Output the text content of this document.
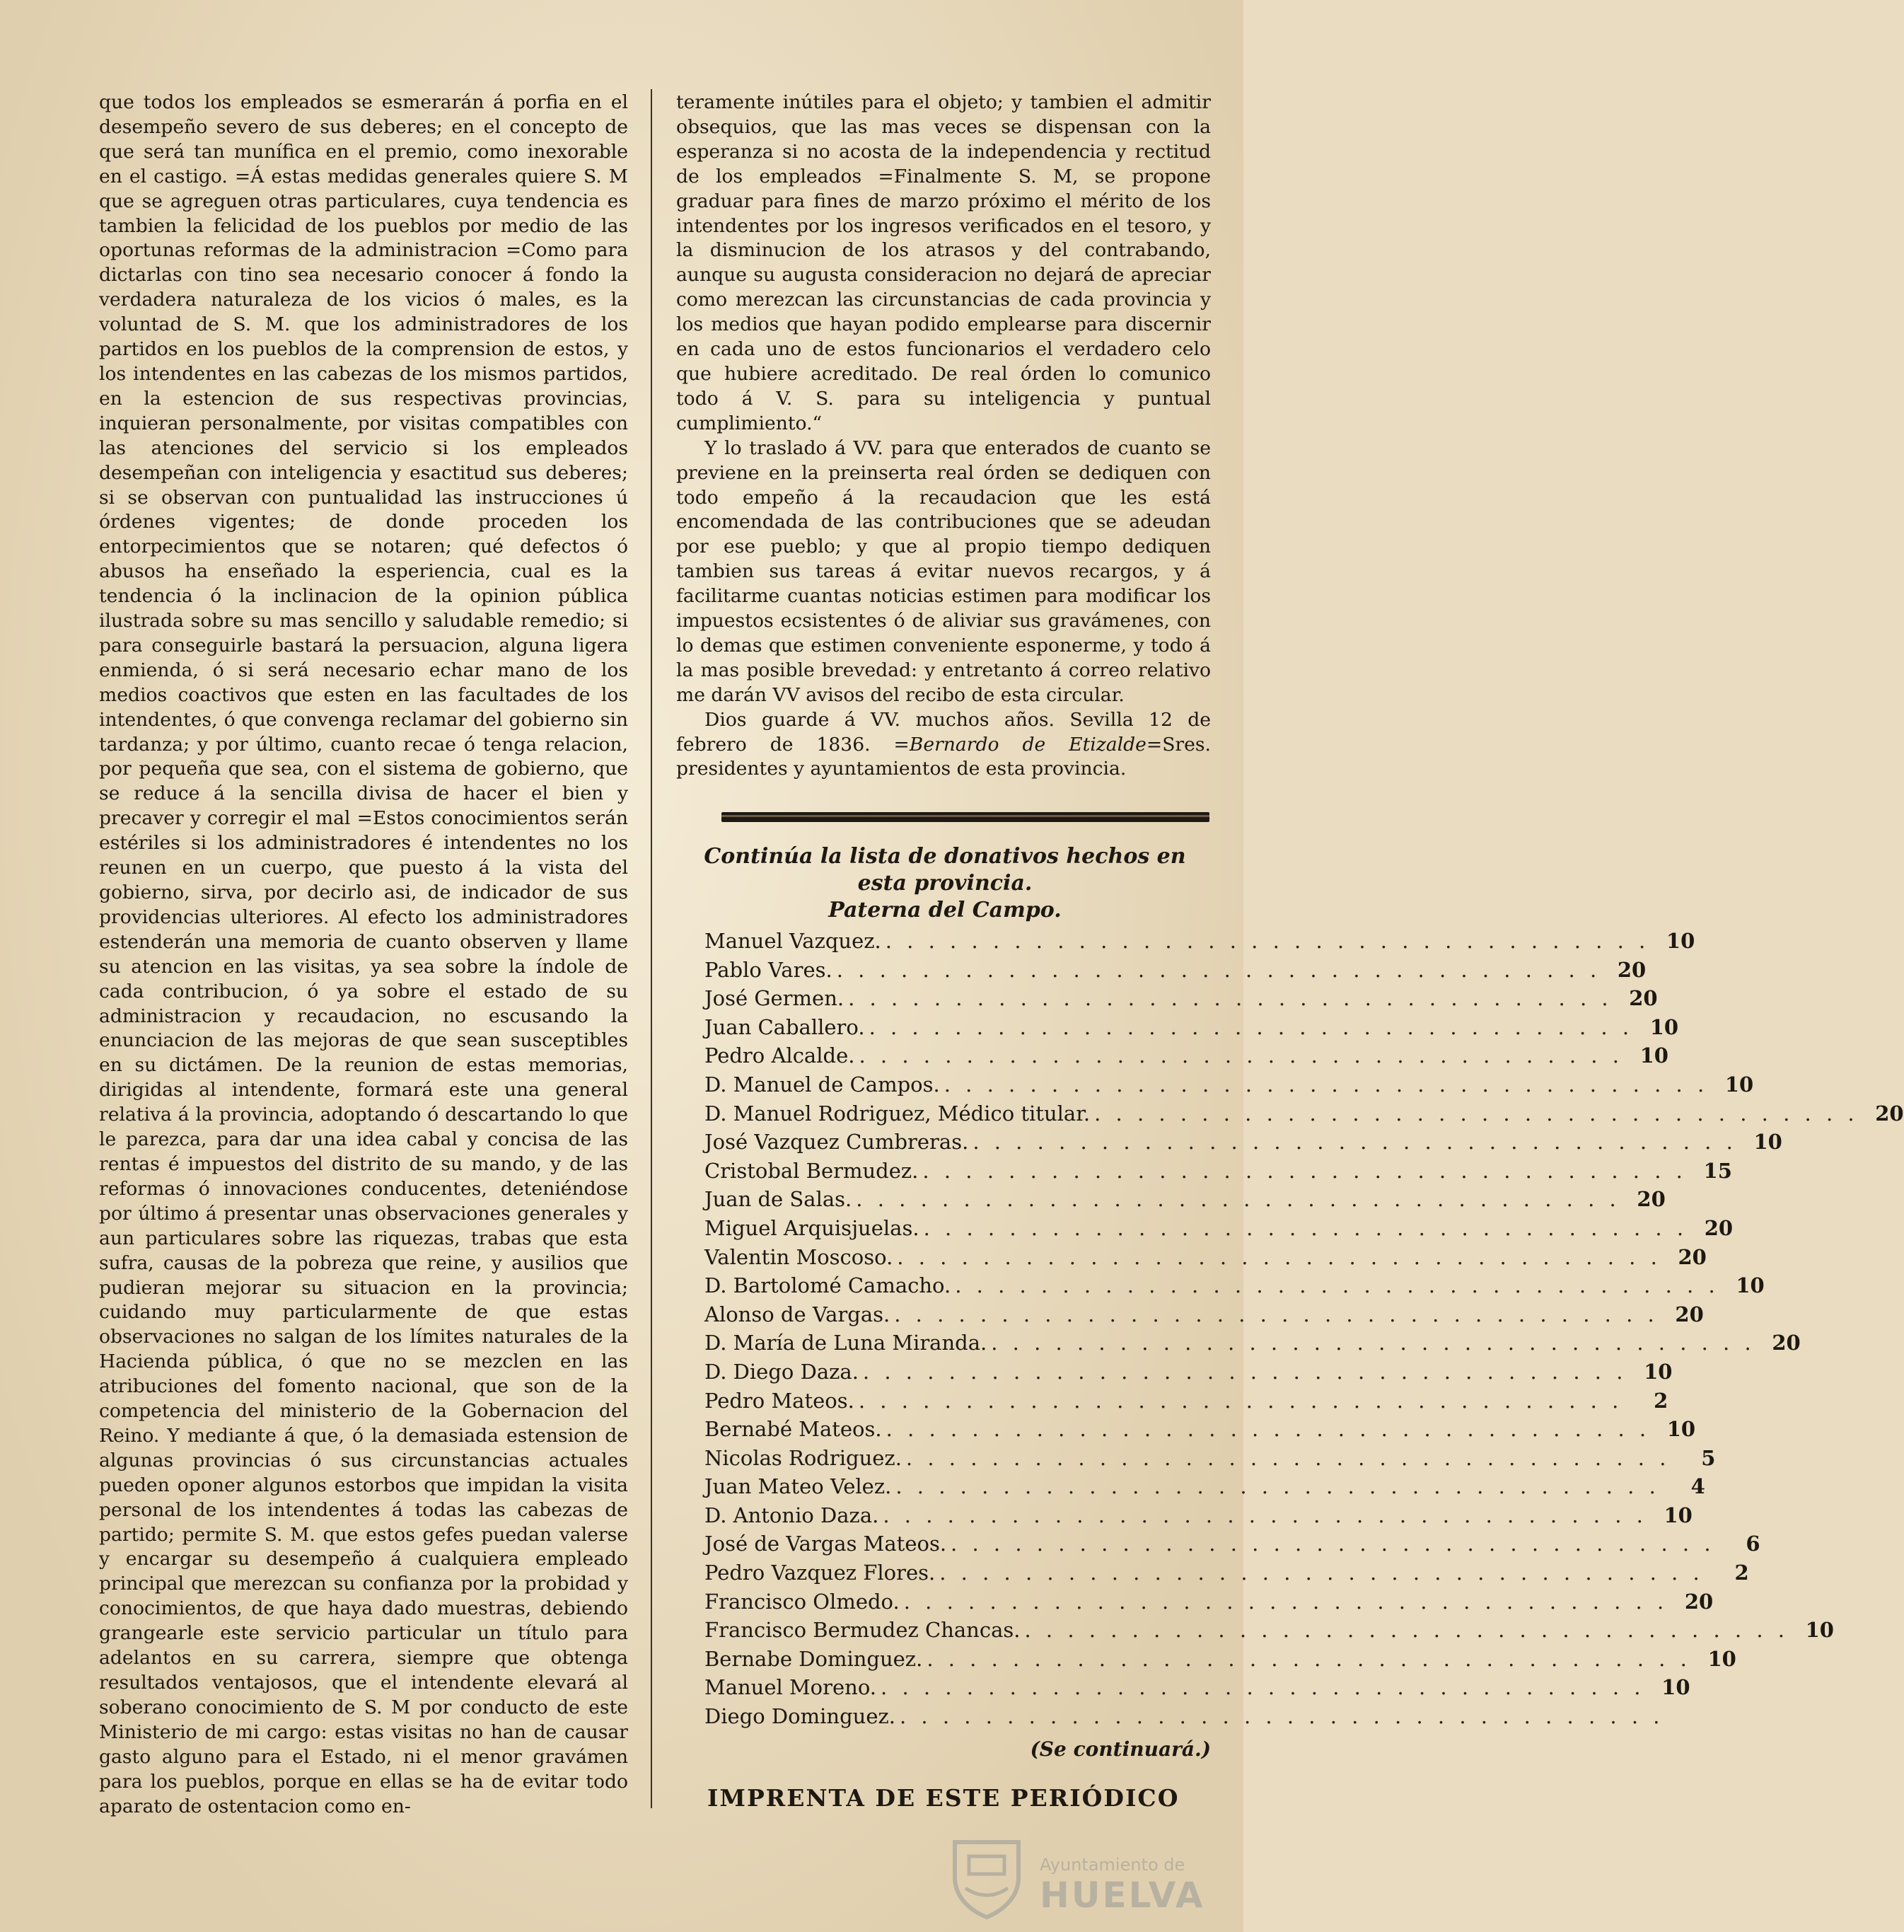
que todos los empleados se esmerarán á porfia en el desempeño severo de sus deberes; en el concepto de que será tan munífica en el premio, como inexorable en el castigo. =Á estas medidas generales quiere S. M que se agreguen otras particulares, cuya tendencia es tambien la felicidad de los pueblos por medio de las oportunas reformas de la administracion =Como para dictarlas con tino sea necesario conocer á fondo la verdadera naturaleza de los vicios ó males, es la voluntad de S. M. que los administradores de los partidos en los pueblos de la comprension de estos, y los intendentes en las cabezas de los mismos partidos, en la estencion de sus respectivas provincias, inquieran personalmente, por visitas compatibles con las atenciones del servicio si los empleados desempeñan con inteligencia y esactitud sus deberes; si se observan con puntualidad las instrucciones ú órdenes vigentes; de donde proceden los entorpecimientos que se notaren; qué defectos ó abusos ha enseñado la esperiencia, cual es la tendencia ó la inclinacion de la opinion pública ilustrada sobre su mas sencillo y saludable remedio; si para conseguirle bastará la persuacion, alguna ligera enmienda, ó si será necesario echar mano de los medios coactivos que esten en las facultades de los intendentes, ó que convenga reclamar del gobierno sin tardanza; y por último, cuanto recae ó tenga relacion, por pequeña que sea, con el sistema de gobierno, que se reduce á la sencilla divisa de hacer el bien y precaver y corregir el mal =Estos conocimientos serán estériles si los administradores é intendentes no los reunen en un cuerpo, que puesto á la vista del gobierno, sirva, por decirlo asi, de indicador de sus providencias ulteriores. Al efecto los administradores estenderán una memoria de cuanto observen y llame su atencion en las visitas, ya sea sobre la índole de cada contribucion, ó ya sobre el estado de su administracion y recaudacion, no escusando la enunciacion de las mejoras de que sean susceptibles en su dictámen. De la reunion de estas memorias, dirigidas al intendente, formará este una general relativa á la provincia, adoptando ó descartando lo que le parezca, para dar una idea cabal y concisa de las rentas é impuestos del distrito de su mando, y de las reformas ó innovaciones conducentes, deteniéndose por último á presentar unas observaciones generales y aun particulares sobre las riquezas, trabas que esta sufra, causas de la pobreza que reine, y ausilios que pudieran mejorar su situacion en la provincia; cuidando muy particularmente de que estas observaciones no salgan de los límites naturales de la Hacienda pública, ó que no se mezclen en las atribuciones del fomento nacional, que son de la competencia del ministerio de la Gobernacion del Reino. Y mediante á que, ó la demasiada estension de algunas provincias ó sus circunstancias actuales pueden oponer algunos estorbos que impidan la visita personal de los intendentes á todas las cabezas de partido; permite S. M. que estos gefes puedan valerse y encargar su desempeño á cualquiera empleado principal que merezcan su confianza por la probidad y conocimientos, de que haya dado muestras, debiendo grangearle este servicio particular un título para adelantos en su carrera, siempre que obtenga resultados ventajosos, que el intendente elevará al soberano conocimiento de S. M por conducto de este Ministerio de mi cargo: estas visitas no han de causar gasto alguno para el Estado, ni el menor gravámen para los pueblos, porque en ellas se ha de evitar todo aparato de ostentacion como en-

teramente inútiles para el objeto; y tambien el admitir obsequios, que las mas veces se dispensan con la esperanza si no acosta de la independencia y rectitud de los empleados =Finalmente S. M, se propone graduar para fines de marzo próximo el mérito de los intendentes por los ingresos verificados en el tesoro, y la disminucion de los atrasos y del contrabando, aunque su augusta consideracion no dejará de apreciar como merezcan las circunstancias de cada provincia y los medios que hayan podido emplearse para discernir en cada uno de estos funcionarios el verdadero celo que hubiere acreditado. De real órden lo comunico todo á V. S. para su inteligencia y puntual cumplimiento.“

Y lo traslado á VV. para que enterados de cuanto se previene en la preinserta real órden se dediquen con todo empeño á la recaudacion que les está encomendada de las contribuciones que se adeudan por ese pueblo; y que al propio tiempo dediquen tambien sus tareas á evitar nuevos recargos, y á facilitarme cuantas noticias estimen para modificar los impuestos ecsistentes ó de aliviar sus gravámenes, con lo demas que estimen conveniente esponerme, y todo á la mas posible brevedad: y entretanto á correo relativo me darán VV avisos del recibo de esta circular.

Dios guarde á VV. muchos años. Sevilla 12 de febrero de 1836. =Bernardo de Etizalde=Sres. presidentes y ayuntamientos de esta provincia.

Continúa la lista de donativos hechos en esta provincia.
Paterna del Campo.
Manuel Vazquez. . . . . . . . . . . . . . . . . . . . . . . . . . . . . . . . . . . . . 10
Pablo Vares. . . . . . . . . . . . . . . . . . . . . . . . . . . . . . . . . . . . . 20
José Germen. . . . . . . . . . . . . . . . . . . . . . . . . . . . . . . . . . . . . 20
Juan Caballero. . . . . . . . . . . . . . . . . . . . . . . . . . . . . . . . . . . . . 10
Pedro Alcalde. . . . . . . . . . . . . . . . . . . . . . . . . . . . . . . . . . . . . 10
D. Manuel de Campos. . . . . . . . . . . . . . . . . . . . . . . . . . . . . . . . . . . . . 10
D. Manuel Rodriguez, Médico titular. . . . . . . . . . . . . . . . . . . . . . . . . . . . . . . . . . . . . 20
José Vazquez Cumbreras. . . . . . . . . . . . . . . . . . . . . . . . . . . . . . . . . . . . . 10
Cristobal Bermudez. . . . . . . . . . . . . . . . . . . . . . . . . . . . . . . . . . . . . 15
Juan de Salas. . . . . . . . . . . . . . . . . . . . . . . . . . . . . . . . . . . . . 20
Miguel Arquisjuelas. . . . . . . . . . . . . . . . . . . . . . . . . . . . . . . . . . . . . 20
Valentin Moscoso. . . . . . . . . . . . . . . . . . . . . . . . . . . . . . . . . . . . . 20
D. Bartolomé Camacho. . . . . . . . . . . . . . . . . . . . . . . . . . . . . . . . . . . . . 10
Alonso de Vargas. . . . . . . . . . . . . . . . . . . . . . . . . . . . . . . . . . . . . 20
D. María de Luna Miranda. . . . . . . . . . . . . . . . . . . . . . . . . . . . . . . . . . . . . 20
D. Diego Daza. . . . . . . . . . . . . . . . . . . . . . . . . . . . . . . . . . . . . 10
Pedro Mateos. . . . . . . . . . . . . . . . . . . . . . . . . . . . . . . . . . . . .	2
Bernabé Mateos. . . . . . . . . . . . . . . . . . . . . . . . . . . . . . . . . . . . . 10
Nicolas Rodriguez. . . . . . . . . . . . . . . . . . . . . . . . . . . . . . . . . . . . .	5
Juan Mateo Velez. . . . . . . . . . . . . . . . . . . . . . . . . . . . . . . . . . . . .	4
D. Antonio Daza. . . . . . . . . . . . . . . . . . . . . . . . . . . . . . . . . . . . . 10
José de Vargas Mateos. . . . . . . . . . . . . . . . . . . . . . . . . . . . . . . . . . . . .	6
Pedro Vazquez Flores. . . . . . . . . . . . . . . . . . . . . . . . . . . . . . . . . . . . .	2
Francisco Olmedo. . . . . . . . . . . . . . . . . . . . . . . . . . . . . . . . . . . . . 20
Francisco Bermudez Chancas. . . . . . . . . . . . . . . . . . . . . . . . . . . . . . . . . . . . . 10
Bernabe Dominguez. . . . . . . . . . . . . . . . . . . . . . . . . . . . . . . . . . . . . 10
Manuel Moreno. . . . . . . . . . . . . . . . . . . . . . . . . . . . . . . . . . . . . 10
Diego Dominguez. . . . . . . . . . . . . . . . . . . . . . . . . . . . . . . . . . . . .
(Se continuará.)
IMPRENTA DE ESTE PERIÓDICO
Ayuntamiento de
HUELVA
